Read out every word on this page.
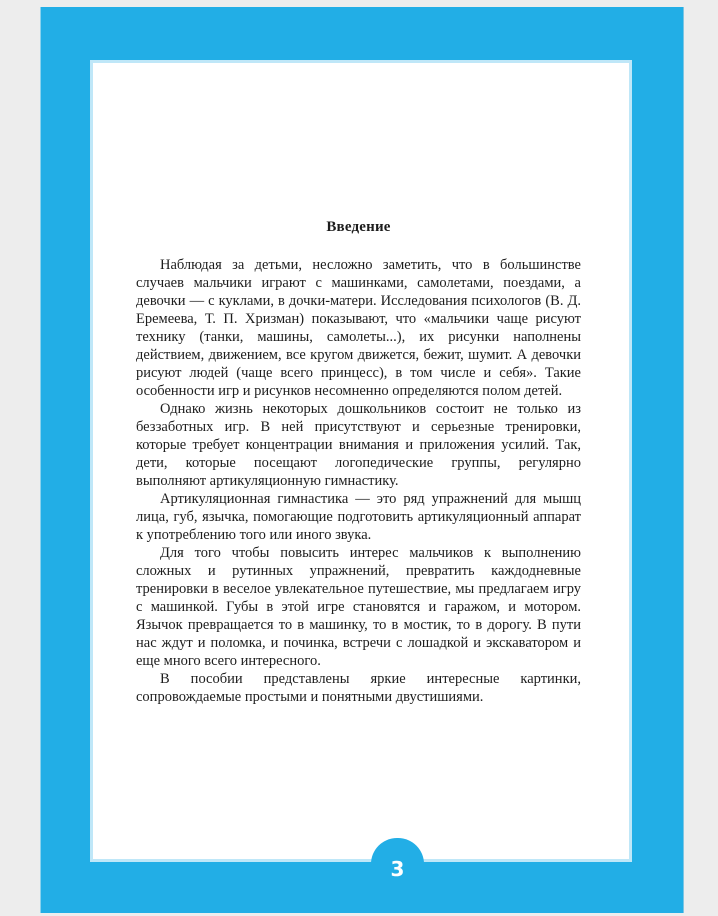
Введение

Наблюдая за детьми, несложно заметить, что в большинстве случаев мальчики играют с машинками, самолетами, поездами, а девочки — с куклами, в дочки-матери. Исследования психологов (В. Д. Еремеева, Т. П. Хризман) показывают, что «мальчики чаще рисуют технику (танки, машины, самолеты...), их рисунки наполнены действием, движением, все кругом движется, бежит, шумит. А девочки рисуют людей (чаще всего принцесс), в том числе и себя». Такие особенности игр и рисунков несомненно определяются полом детей.

Однако жизнь некоторых дошкольников состоит не только из беззаботных игр. В ней присутствуют и серьезные тренировки, которые требует концентрации внимания и приложения усилий. Так, дети, которые посещают логопедические группы, регулярно выполняют артикуляционную гимнастику.

Артикуляционная гимнастика — это ряд упражнений для мышц лица, губ, язычка, помогающие подготовить артикуляционный аппарат к употреблению того или иного звука.

Для того чтобы повысить интерес мальчиков к выполнению сложных и рутинных упражнений, превратить каждодневные тренировки в веселое увлекательное путешествие, мы предлагаем игру с машинкой. Губы в этой игре становятся и гаражом, и мотором. Язычок превращается то в машинку, то в мостик, то в дорогу. В пути нас ждут и поломка, и починка, встречи с лошадкой и экскаватором и еще много всего интересного.

В пособии представлены яркие интересные картинки, сопровождаемые простыми и понятными двустишиями.

3
